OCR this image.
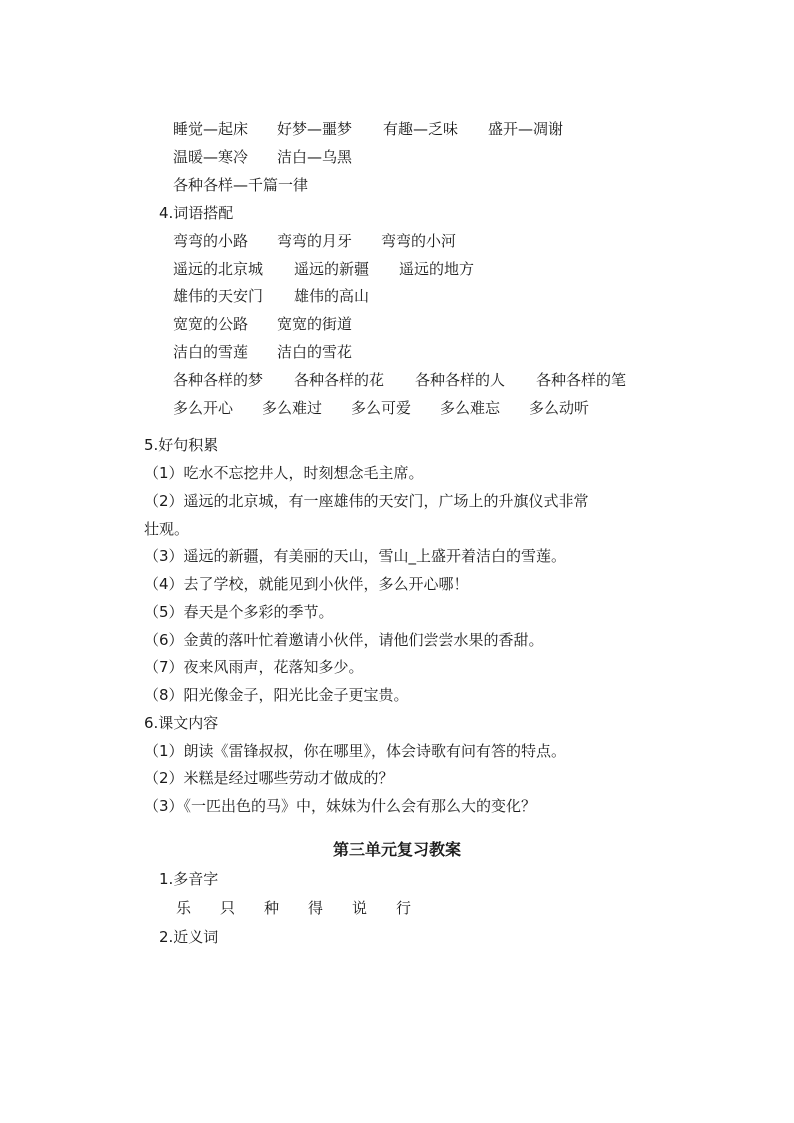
睡觉—起床 好梦—噩梦 有趣—乏味 盛开—凋谢
温暖—寒冷 洁白—乌黑
各种各样—千篇一律
4.词语搭配
弯弯的小路 弯弯的月牙 弯弯的小河
遥远的北京城 遥远的新疆 遥远的地方
雄伟的天安门 雄伟的高山
宽宽的公路 宽宽的街道
洁白的雪莲 洁白的雪花
各种各样的梦 各种各样的花 各种各样的人 各种各样的笔
多么开心 多么难过 多么可爱 多么难忘 多么动听
5.好句积累
（1）吃水不忘挖井人，时刻想念毛主席。
（2）遥远的北京城，有一座雄伟的天安门，广场上的升旗仪式非常
壮观。
（3）遥远的新疆，有美丽的天山，雪山_上盛开着洁白的雪莲。
（4）去了学校，就能见到小伙伴，多么开心哪！
（5）春天是个多彩的季节。
（6）金黄的落叶忙着邀请小伙伴，请他们尝尝水果的香甜。
（7）夜来风雨声，花落知多少。
（8）阳光像金子，阳光比金子更宝贵。
6.课文内容
（1）朗读《雷锋叔叔，你在哪里》，体会诗歌有问有答的特点。
（2）米糕是经过哪些劳动才做成的？
（3）《一匹出色的马》中，妹妹为什么会有那么大的变化？
第三单元复习教案
1.多音字
乐 只 种 得 说 行
2.近义词
